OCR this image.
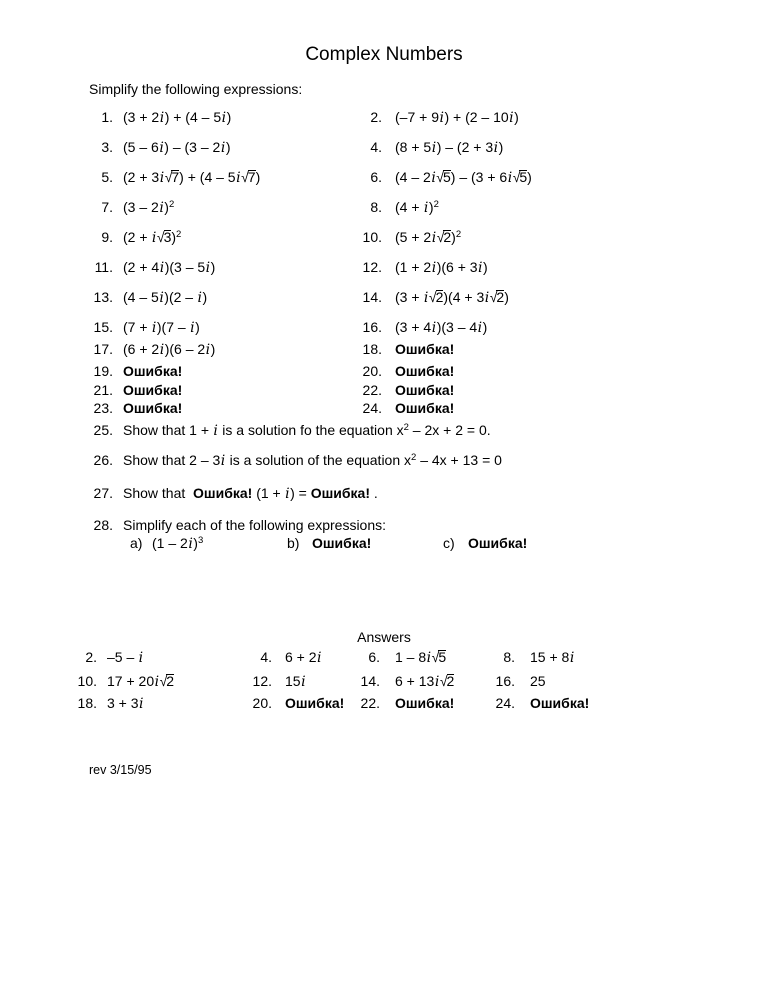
Complex Numbers

Simplify the following expressions:

1. (3 + 2i) + (4 – 5i)	2. (–7 + 9i) + (2 – 10i)
3. (5 – 6i) – (3 – 2i)	4. (8 + 5i) – (2 + 3i)
5. (2 + 3i√7) + (4 – 5i√7)	6. (4 – 2i√5) – (3 + 6i√5)
7. (3 – 2i)$^2$	8. $(4 + i)^2$
9. $(2 + i√3)^2$	10. $(5 + 2i√2)^2$
11. (2 + 4i)(3 – 5i)	12. (1 + 2i)(6 + 3i)
13. (4 – 5i)(2 – i)	14. (3 + i√2)(4 + 3i√2)
15. (7 + i)(7 – i)	16. (3 + 4i)(3 – 4i)
17. (6 + 2i)(6 – 2i)	18. Ошибка!
19. Ошибка!	20. Ошибка!
21. Ошибка!	22. Ошибка!
23. Ошибка!	24. Ошибка!
25. Show that 1 + i is a solution fo the equation $x^2 - 2x + 2 = 0$.
26. Show that 2 – 3i is a solution of the equation $x^2 - 4x + 13 = 0$
27. Show that  Ошибка! (1 + i) = Ошибка! .
28. Simplify each of the following expressions:
a) (1 – 2i)$^3$	b) Ошибка!	c) Ошибка!
Answers
2. –5 – i	4. 6 + 2i	6.	1 – 8i√5	8.	15 + 8i
10. 17 + 20i√2	12. 15i	14.	6 + 13i√2	16.	25
18. 3 + 3i	20. Ошибка!	22.	Ошибка!	24.	Ошибка!
rev 3/15/95
